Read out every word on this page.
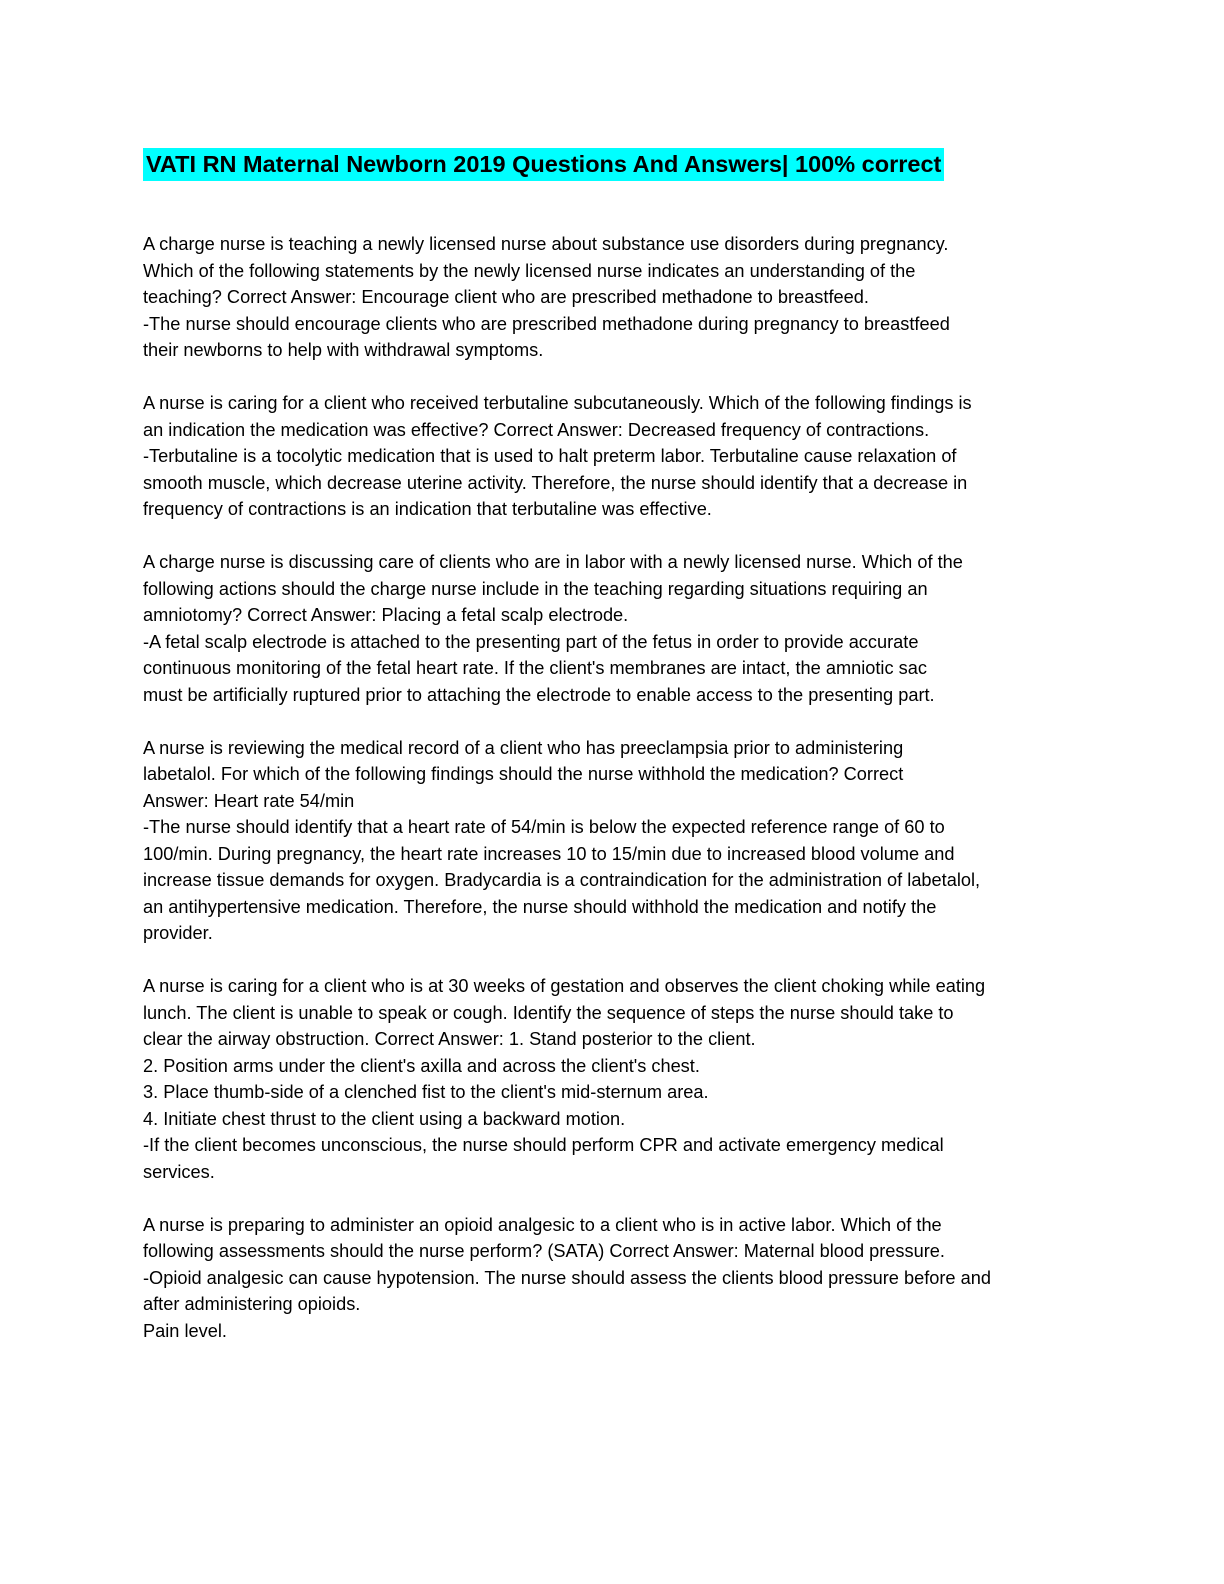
VATI RN Maternal Newborn 2019 Questions And Answers| 100% correct
A charge nurse is teaching a newly licensed nurse about substance use disorders during pregnancy.
Which of the following statements by the newly licensed nurse indicates an understanding of the
teaching? Correct Answer: Encourage client who are prescribed methadone to breastfeed.
-The nurse should encourage clients who are prescribed methadone during pregnancy to breastfeed
their newborns to help with withdrawal symptoms.
A nurse is caring for a client who received terbutaline subcutaneously. Which of the following findings is
an indication the medication was effective? Correct Answer: Decreased frequency of contractions.
-Terbutaline is a tocolytic medication that is used to halt preterm labor. Terbutaline cause relaxation of
smooth muscle, which decrease uterine activity. Therefore, the nurse should identify that a decrease in
frequency of contractions is an indication that terbutaline was effective.
A charge nurse is discussing care of clients who are in labor with a newly licensed nurse. Which of the
following actions should the charge nurse include in the teaching regarding situations requiring an
amniotomy? Correct Answer: Placing a fetal scalp electrode.
-A fetal scalp electrode is attached to the presenting part of the fetus in order to provide accurate
continuous monitoring of the fetal heart rate. If the client's membranes are intact, the amniotic sac
must be artificially ruptured prior to attaching the electrode to enable access to the presenting part.
A nurse is reviewing the medical record of a client who has preeclampsia prior to administering
labetalol. For which of the following findings should the nurse withhold the medication? Correct
Answer: Heart rate 54/min
-The nurse should identify that a heart rate of 54/min is below the expected reference range of 60 to
100/min. During pregnancy, the heart rate increases 10 to 15/min due to increased blood volume and
increase tissue demands for oxygen. Bradycardia is a contraindication for the administration of labetalol,
an antihypertensive medication. Therefore, the nurse should withhold the medication and notify the
provider.
A nurse is caring for a client who is at 30 weeks of gestation and observes the client choking while eating
lunch. The client is unable to speak or cough. Identify the sequence of steps the nurse should take to
clear the airway obstruction. Correct Answer: 1. Stand posterior to the client.
2. Position arms under the client's axilla and across the client's chest.
3. Place thumb-side of a clenched fist to the client's mid-sternum area.
4. Initiate chest thrust to the client using a backward motion.
-If the client becomes unconscious, the nurse should perform CPR and activate emergency medical
services.
A nurse is preparing to administer an opioid analgesic to a client who is in active labor. Which of the
following assessments should the nurse perform? (SATA) Correct Answer: Maternal blood pressure.
-Opioid analgesic can cause hypotension. The nurse should assess the clients blood pressure before and
after administering opioids.
Pain level.
